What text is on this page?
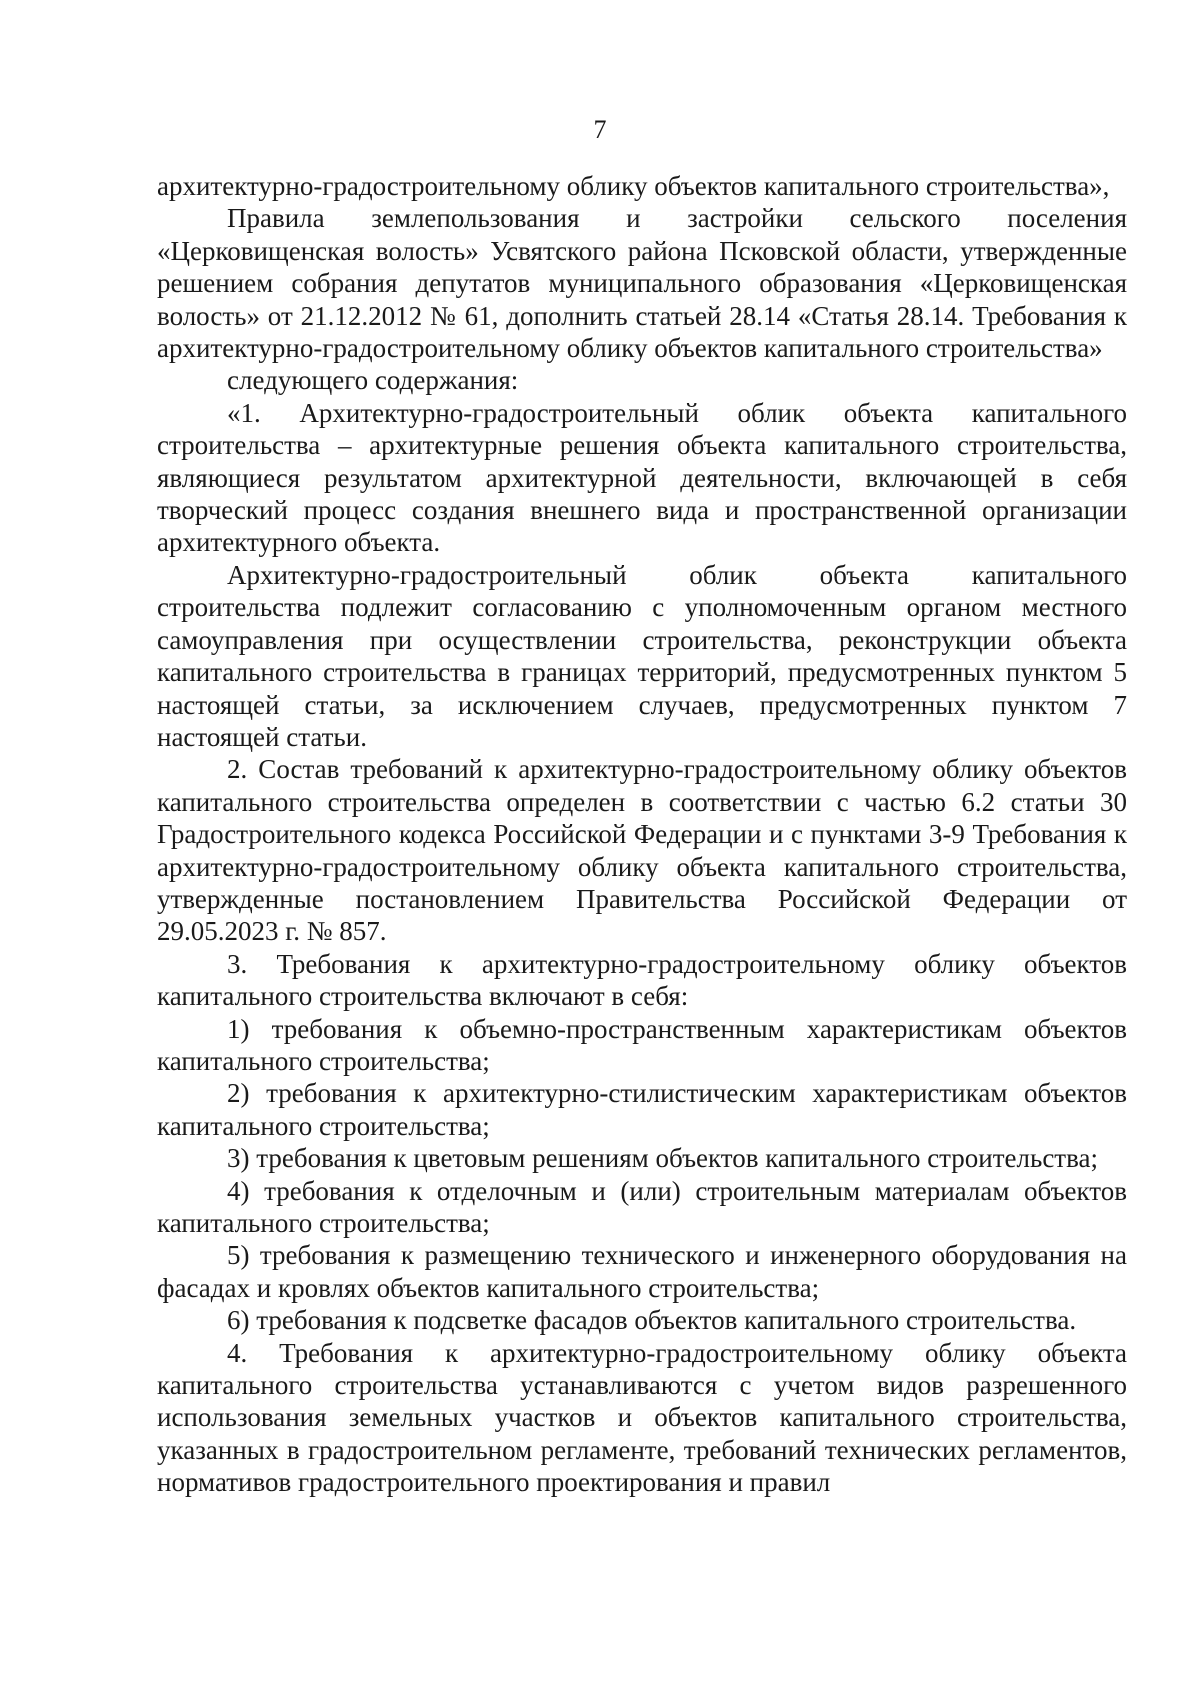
7

архитектурно-градостроительному облику объектов капитального строительства»,

Правила землепользования и застройки сельского поселения «Церковищенская волость» Усвятского района Псковской области, утвержденные решением собрания депутатов муниципального образования «Церковищенская волость» от 21.12.2012 № 61, дополнить статьей 28.14 «Статья 28.14. Требования к архитектурно-градостроительному облику объектов капитального строительства»

следующего содержания:

«1. Архитектурно-градостроительный облик объекта капитального строительства – архитектурные решения объекта капитального строительства, являющиеся результатом архитектурной деятельности, включающей в себя творческий процесс создания внешнего вида и пространственной организации архитектурного объекта.

Архитектурно-градостроительный облик объекта капитального строительства подлежит согласованию с уполномоченным органом местного самоуправления при осуществлении строительства, реконструкции объекта капитального строительства в границах территорий, предусмотренных пунктом 5 настоящей статьи, за исключением случаев, предусмотренных пунктом 7 настоящей статьи.

2. Состав требований к архитектурно-градостроительному облику объектов капитального строительства определен в соответствии с частью 6.2 статьи 30 Градостроительного кодекса Российской Федерации и с пунктами 3-9 Требования к архитектурно-градостроительному облику объекта капитального строительства, утвержденные постановлением Правительства Российской Федерации от 29.05.2023 г. № 857.

3. Требования к архитектурно-градостроительному облику объектов капитального строительства включают в себя:

1) требования к объемно-пространственным характеристикам объектов капитального строительства;

2) требования к архитектурно-стилистическим характеристикам объектов капитального строительства;

3) требования к цветовым решениям объектов капитального строительства;

4) требования к отделочным и (или) строительным материалам объектов капитального строительства;

5) требования к размещению технического и инженерного оборудования на фасадах и кровлях объектов капитального строительства;

6) требования к подсветке фасадов объектов капитального строительства.

4. Требования к архитектурно-градостроительному облику объекта капитального строительства устанавливаются с учетом видов разрешенного использования земельных участков и объектов капитального строительства, указанных в градостроительном регламенте, требований технических регламентов, нормативов градостроительного проектирования и правил
